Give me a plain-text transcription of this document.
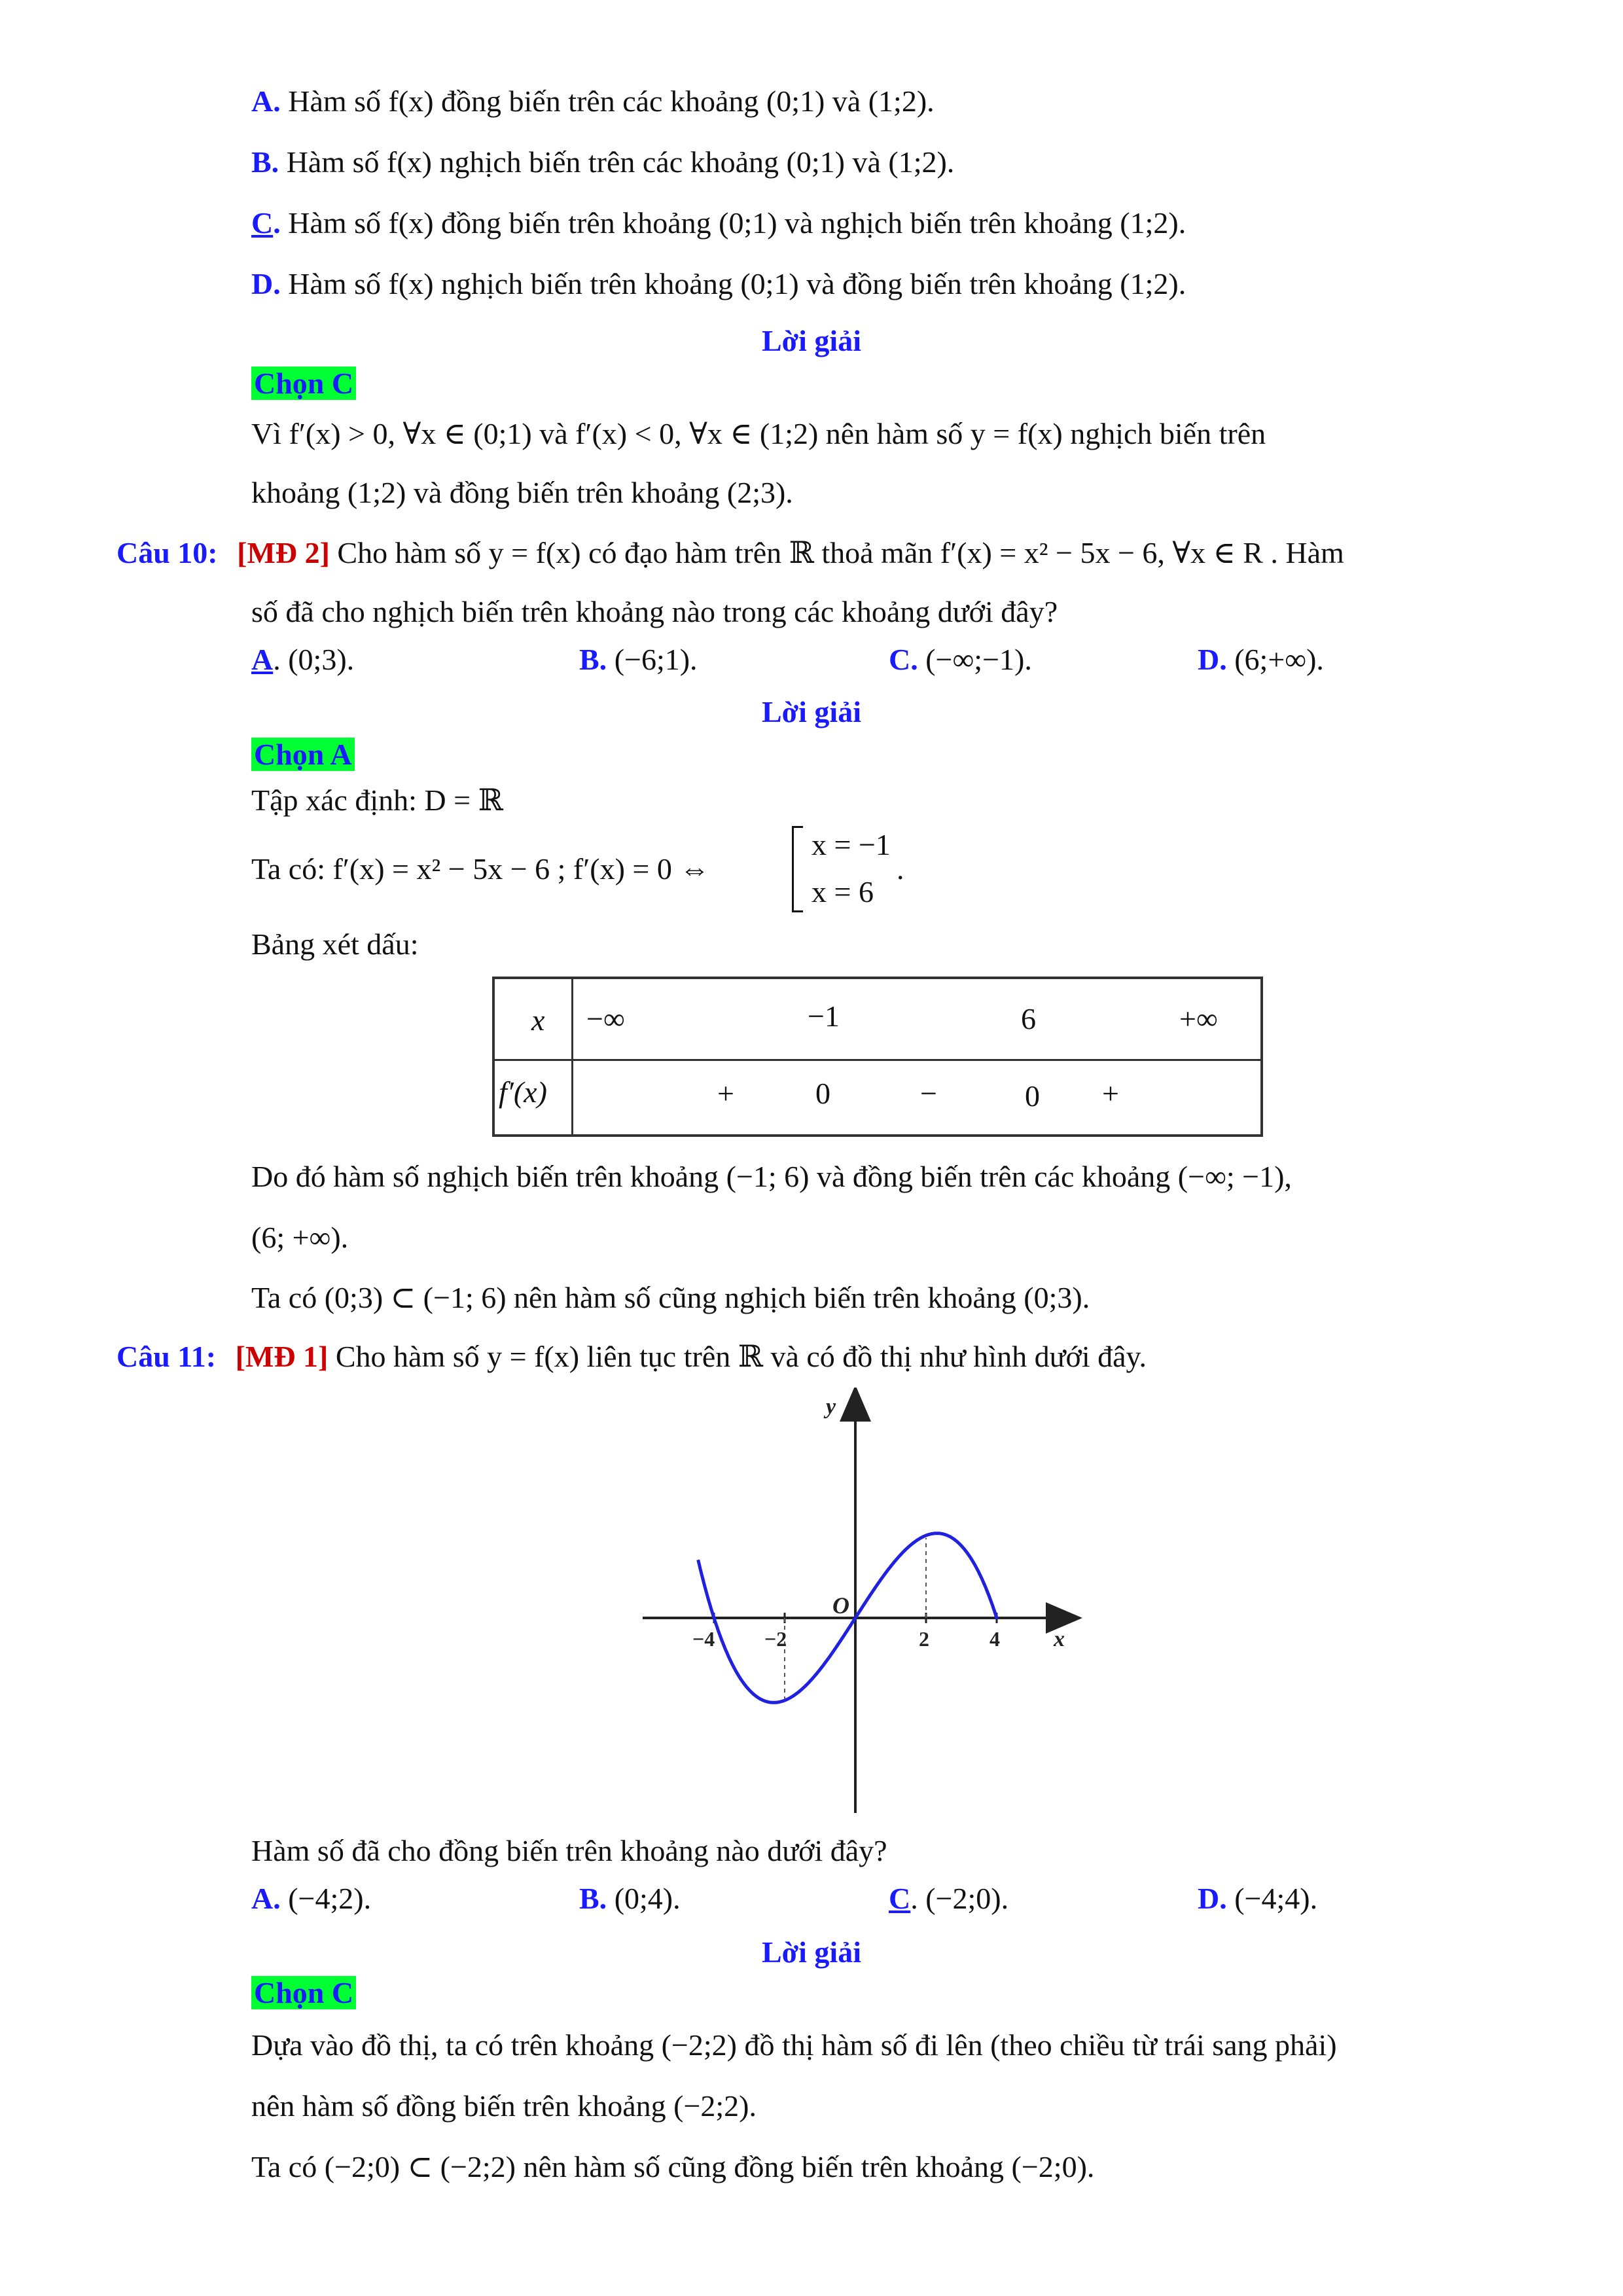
A. Hàm số f(x) đồng biến trên các khoảng (0;1) và (1;2).
B. Hàm số f(x) nghịch biến trên các khoảng (0;1) và (1;2).
C. Hàm số f(x) đồng biến trên khoảng (0;1) và nghịch biến trên khoảng (1;2).
D. Hàm số f(x) nghịch biến trên khoảng (0;1) và đồng biến trên khoảng (1;2).
Lời giải
Chọn C
Vì f′(x) > 0, ∀x ∈ (0;1) và f′(x) < 0, ∀x ∈ (1;2) nên hàm số y = f(x) nghịch biến trên
khoảng (1;2) và đồng biến trên khoảng (2;3).
Câu 10: [MĐ 2] Cho hàm số y = f(x) có đạo hàm trên ℝ thoả mãn f′(x) = x² − 5x − 6, ∀x ∈ R . Hàm
số đã cho nghịch biến trên khoảng nào trong các khoảng dưới đây?
A. (0;3).	B. (−6;1).	C. (−∞;−1).	D. (6;+∞).
Lời giải
Chọn A
Tập xác định: D = ℝ
Ta có: f′(x) = x² − 5x − 6 ; f′(x) = 0 ⇔
x = −1
x = 6
.
Bảng xét dấu:
x −∞	−1	6	+∞
f′(x)	+	0	−	0 +
Do đó hàm số nghịch biến trên khoảng (−1; 6) và đồng biến trên các khoảng (−∞; −1),
(6; +∞).
Ta có (0;3) ⊂ (−1; 6) nên hàm số cũng nghịch biến trên khoảng (0;3).
Câu 11: [MĐ 1] Cho hàm số y = f(x) liên tục trên ℝ và có đồ thị như hình dưới đây.
y
x
O
−4 −2	2	4
Hàm số đã cho đồng biến trên khoảng nào dưới đây?
A. (−4;2).	B. (0;4).	C. (−2;0).	D. (−4;4).
Lời giải
Chọn C
Dựa vào đồ thị, ta có trên khoảng (−2;2) đồ thị hàm số đi lên (theo chiều từ trái sang phải)
nên hàm số đồng biến trên khoảng (−2;2).
Ta có (−2;0) ⊂ (−2;2) nên hàm số cũng đồng biến trên khoảng (−2;0).
